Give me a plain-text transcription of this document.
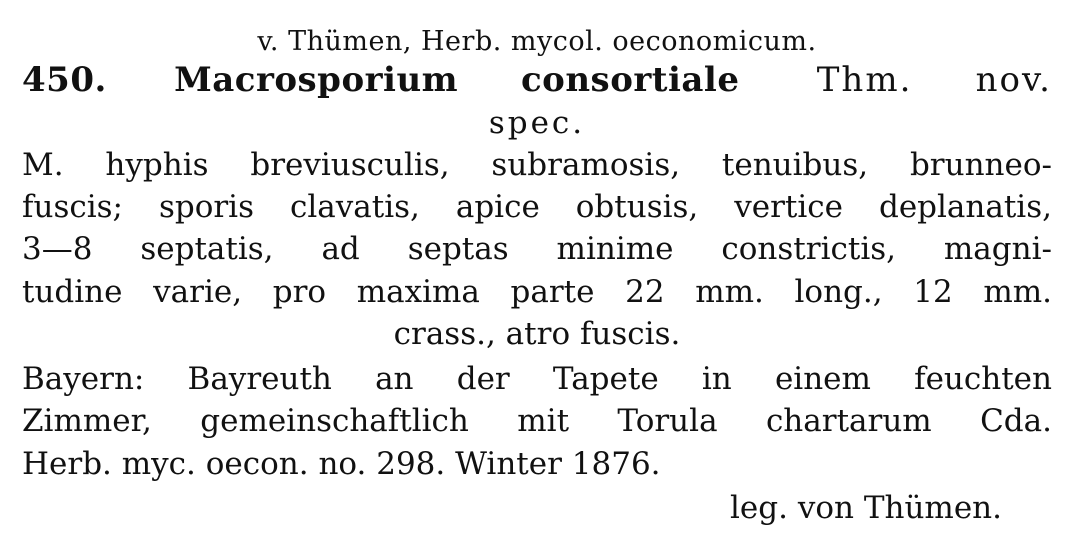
v. Thümen, Herb. mycol. oeconomicum.
450. Macrosporium consortiale Thm. nov.
spec.
M. hyphis breviusculis, subramosis, tenuibus, brunneo-
fuscis; sporis clavatis, apice obtusis, vertice deplanatis,
3—8 septatis, ad septas minime constrictis, magni-
tudine varie, pro maxima parte 22 mm. long., 12 mm.
crass., atro fuscis.
Bayern: Bayreuth an der Tapete in einem feuchten
Zimmer, gemeinschaftlich mit Torula chartarum Cda.
Herb. myc. oecon. no. 298. Winter 1876.
leg. von Thümen.
